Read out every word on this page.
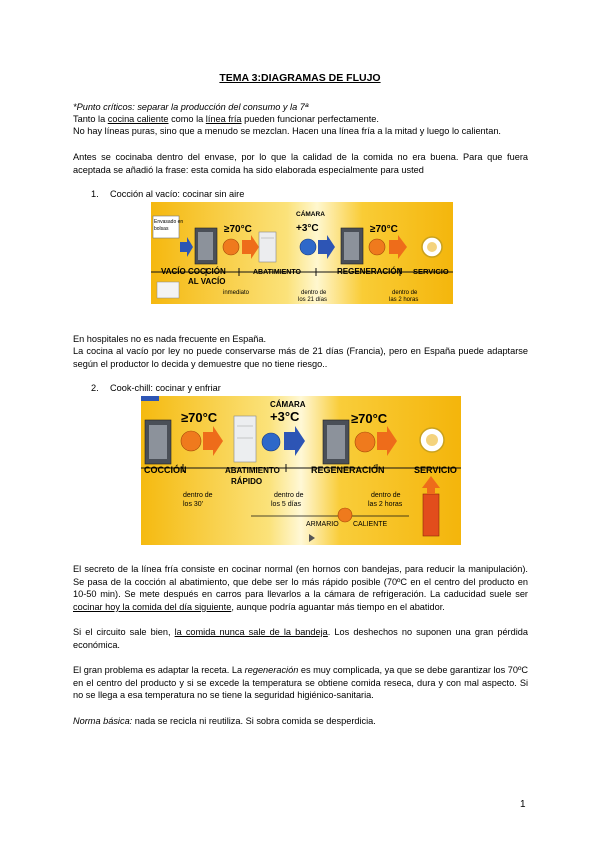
TEMA 3:DIAGRAMAS DE FLUJO
*Punto críticos: separar la producción del consumo y la 7ª
Tanto la cocina caliente como la línea fría pueden funcionar perfectamente.
No hay líneas puras, sino que a menudo se mezclan. Hacen una línea fría a la mitad y luego lo calientan.
Antes se cocinaba dentro del envase, por lo que la calidad de la comida no era buena. Para que fuera aceptada se añadió la frase: esta comida ha sido elaborada especialmente para usted
1. Cocción al vacío: cocinar sin aire
Envasado en
bolsas	≥70°C
CÁMARA
+3°C	≥70°C
VACÍO COCCIÓN
AL VACÍO
ABATIMIENTO	REGENERACIÓN SERVICIO
inmediato	dentro de
los 21 días
dentro de
las 2 horas
En hospitales no es nada frecuente en España.
La cocina al vacío por ley no puede conservarse más de 21 días (Francia), pero en España puede adaptarse según el productor lo decida y demuestre que no tiene riesgo..
2. Cook-chill: cocinar y enfriar
≥70°C
CÁMARA
+3°C	≥70°C
COCCIÓN	ABATIMIENTO
RÁPIDO
REGENERACIÓN	SERVICIO
dentro de
los 30'
dentro de
los 5 días
dentro de
las 2 horas
ARMARIO CALIENTE
El secreto de la línea fría consiste en cocinar normal (en hornos con bandejas, para reducir la manipulación). Se pasa de la cocción al abatimiento, que debe ser lo más rápido posible (70ºC en el centro del producto en 10-50 min). Se mete después en carros para llevarlos a la cámara de refrigeración. La caducidad suele ser cocinar hoy la comida del día siguiente, aunque podría aguantar más tiempo en el abatidor.
Si el circuito sale bien, la comida nunca sale de la bandeja. Los deshechos no suponen una gran pérdida económica.
El gran problema es adaptar la receta. La regeneración es muy complicada, ya que se debe garantizar los 70ºC en el centro del producto y si se excede la temperatura se obtiene comida reseca, dura y con mal aspecto. Si no se llega a esa temperatura no se tiene la seguridad higiénico-sanitaria.
Norma básica: nada se recicla ni reutiliza. Si sobra comida se desperdicia.
1
